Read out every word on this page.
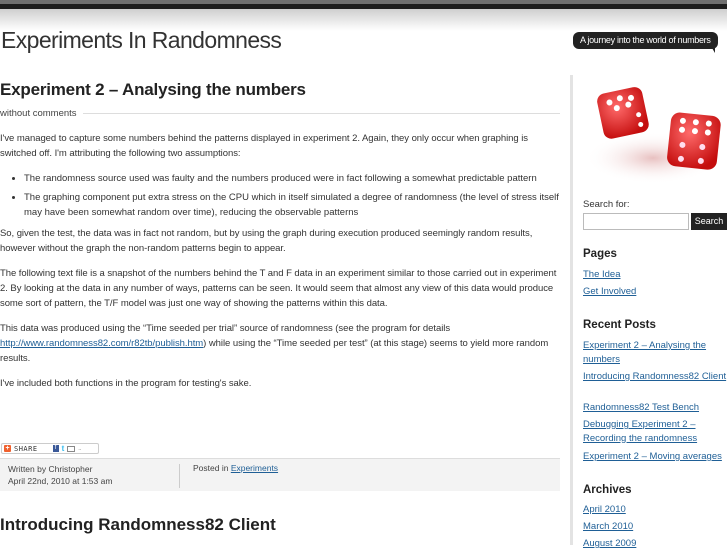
Experiments In Randomness	A journey into the world of numbers
Experiment 2 – Analysing the numbers
without comments

I've managed to capture some numbers behind the patterns displayed in experiment 2. Again, they only occur when graphing is switched off. I'm attributing the following two assumptions:

• The randomness source used was faulty and the numbers produced were in fact following a somewhat predictable pattern
• The graphing component put extra stress on the CPU which in itself simulated a degree of randomness (the level of stress itself may have been somewhat random over time), reducing the observable patterns

So, given the test, the data was in fact not random, but by using the graph during execution produced seemingly random results, however without the graph the non-random patterns begin to appear.

The following text file is a snapshot of the numbers behind the T and F data in an experiment similar to those carried out in experiment 2. By looking at the data in any number of ways, patterns can be seen. It would seem that almost any view of this data would produce some sort of pattern, the T/F model was just one way of showing the patterns within this data.

This data was produced using the “Time seeded per trial” source of randomness (see the program for details http://www.randomness82.com/r82tb/publish.htm) while using the “Time seeded per test” (at this stage) seems to yield more random results.

I've included both functions in the program for testing's sake.

+ SHARE	f t ..
Written by Christopher
April 22nd, 2010 at 1:53 am
Posted in Experiments
Introducing Randomness82 Client
Search for:
Search
Pages
The Idea
Get Involved
Recent Posts
Experiment 2 – Analysing the numbers
Introducing Randomness82 Client
Randomness82 Test Bench
Debugging Experiment 2 – Recording the randomness
Experiment 2 – Moving averages
Archives
April 2010
March 2010
August 2009
